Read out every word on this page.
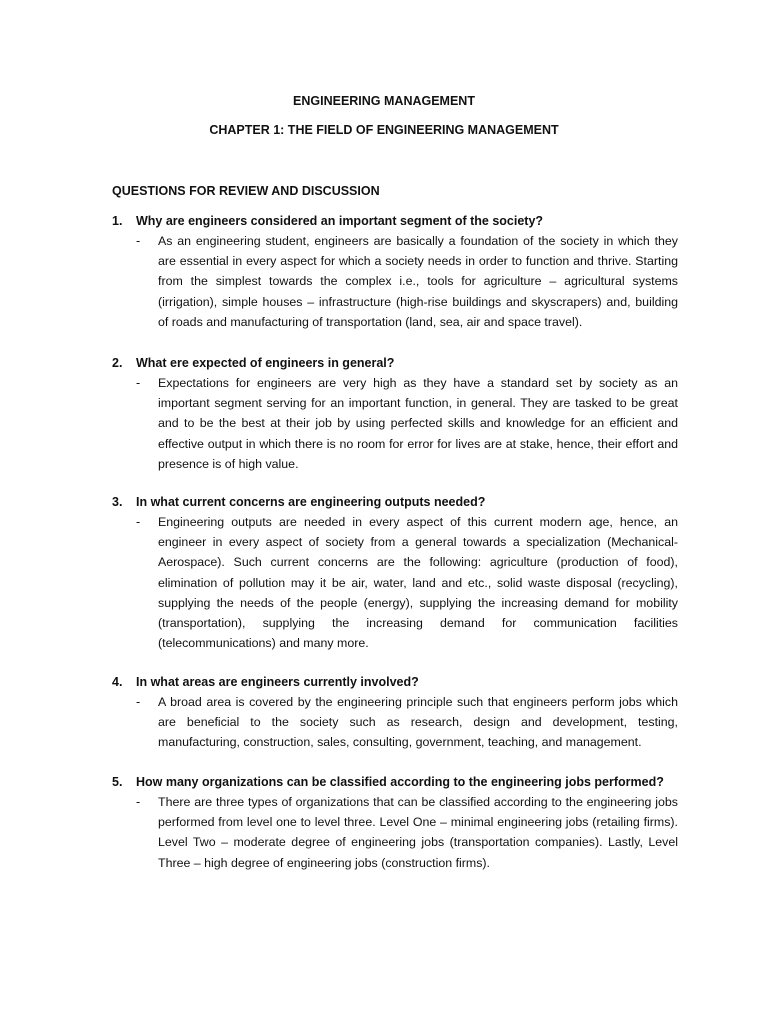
ENGINEERING MANAGEMENT
CHAPTER 1: THE FIELD OF ENGINEERING MANAGEMENT
QUESTIONS FOR REVIEW AND DISCUSSION
1.	Why are engineers considered an important segment of the society?
-	As an engineering student, engineers are basically a foundation of the society in which they are essential in every aspect for which a society needs in order to function and thrive. Starting from the simplest towards the complex i.e., tools for agriculture – agricultural systems (irrigation), simple houses – infrastructure (high-rise buildings and skyscrapers) and, building of roads and manufacturing of transportation (land, sea, air and space travel).
2.	What ere expected of engineers in general?
-	Expectations for engineers are very high as they have a standard set by society as an important segment serving for an important function, in general. They are tasked to be great and to be the best at their job by using perfected skills and knowledge for an efficient and effective output in which there is no room for error for lives are at stake, hence, their effort and presence is of high value.
3.	In what current concerns are engineering outputs needed?
-	Engineering outputs are needed in every aspect of this current modern age, hence, an engineer in every aspect of society from a general towards a specialization (Mechanical-Aerospace). Such current concerns are the following: agriculture (production of food), elimination of pollution may it be air, water, land and etc., solid waste disposal (recycling), supplying the needs of the people (energy), supplying the increasing demand for mobility (transportation), supplying the increasing demand for communication facilities (telecommunications) and many more.
4.	In what areas are engineers currently involved?
-	A broad area is covered by the engineering principle such that engineers perform jobs which are beneficial to the society such as research, design and development, testing, manufacturing, construction, sales, consulting, government, teaching, and management.
5.	How many organizations can be classified according to the engineering jobs performed?
-	There are three types of organizations that can be classified according to the engineering jobs performed from level one to level three. Level One – minimal engineering jobs (retailing firms). Level Two – moderate degree of engineering jobs (transportation companies). Lastly, Level Three – high degree of engineering jobs (construction firms).
